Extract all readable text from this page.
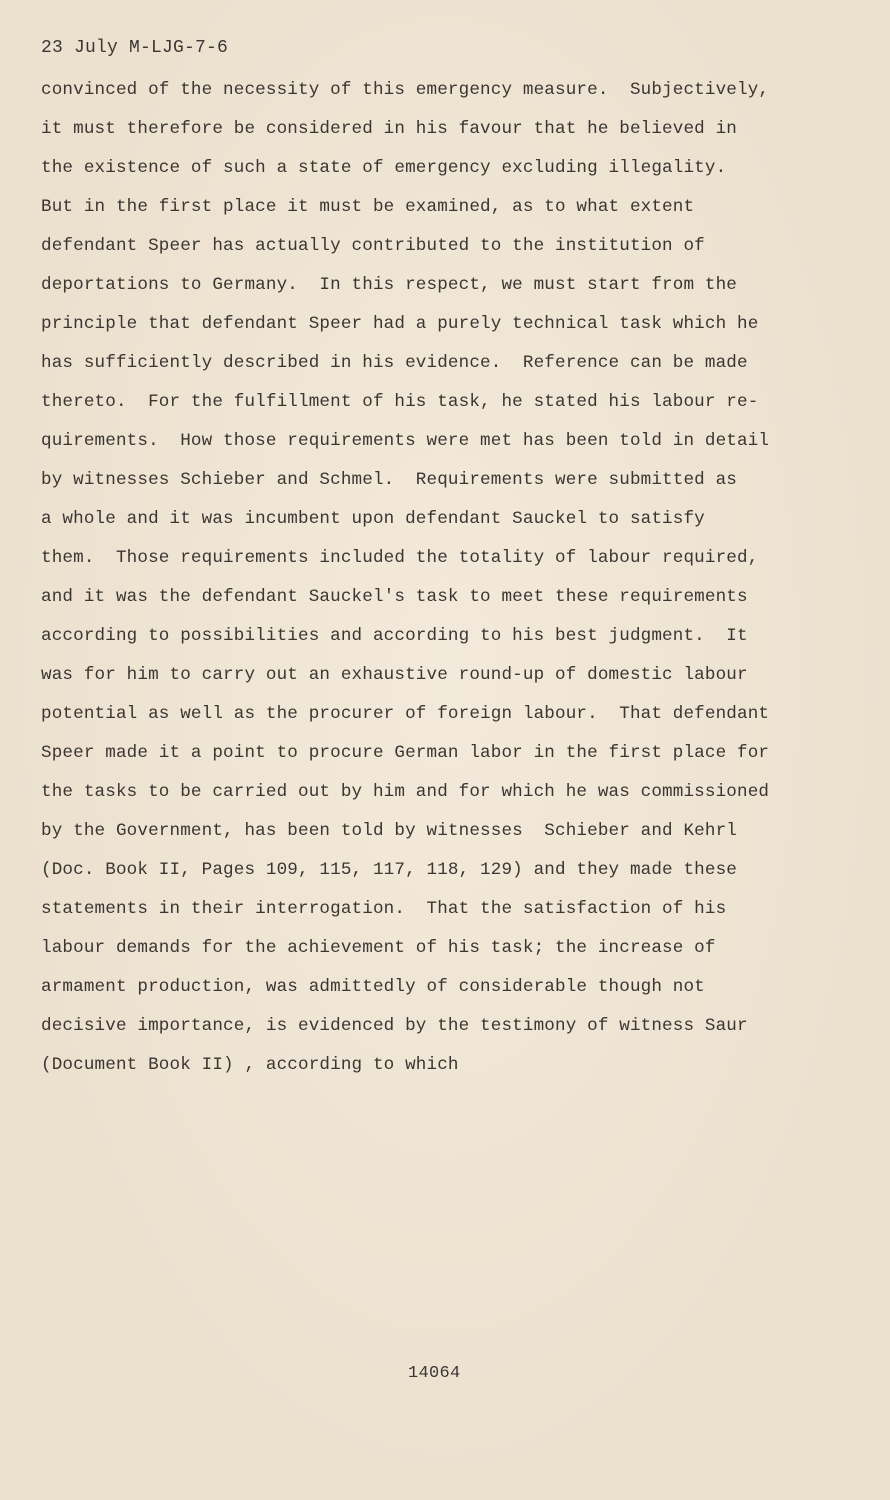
23 July M-LJG-7-6
convinced of the necessity of this emergency measure.  Subjectively,
it must therefore be considered in his favour that he believed in
the existence of such a state of emergency excluding illegality.
But in the first place it must be examined, as to what extent
defendant Speer has actually contributed to the institution of
deportations to Germany.  In this respect, we must start from the
principle that defendant Speer had a purely technical task which he
has sufficiently described in his evidence.  Reference can be made
thereto.  For the fulfillment of his task, he stated his labour re-
quirements.  How those requirements were met has been told in detail
by witnesses Schieber and Schmel.  Requirements were submitted as
a whole and it was incumbent upon defendant Sauckel to satisfy
them.  Those requirements included the totality of labour required,
and it was the defendant Sauckel's task to meet these requirements
according to possibilities and according to his best judgment.  It
was for him to carry out an exhaustive round-up of domestic labour
potential as well as the procurer of foreign labour.  That defendant
Speer made it a point to procure German labor in the first place for
the tasks to be carried out by him and for which he was commissioned
by the Government, has been told by witnesses  Schieber and Kehrl
(Doc. Book II, Pages 109, 115, 117, 118, 129) and they made these
statements in their interrogation.  That the satisfaction of his
labour demands for the achievement of his task; the increase of
armament production, was admittedly of considerable though not
decisive importance, is evidenced by the testimony of witness Saur
(Document Book II) , according to which
14064
